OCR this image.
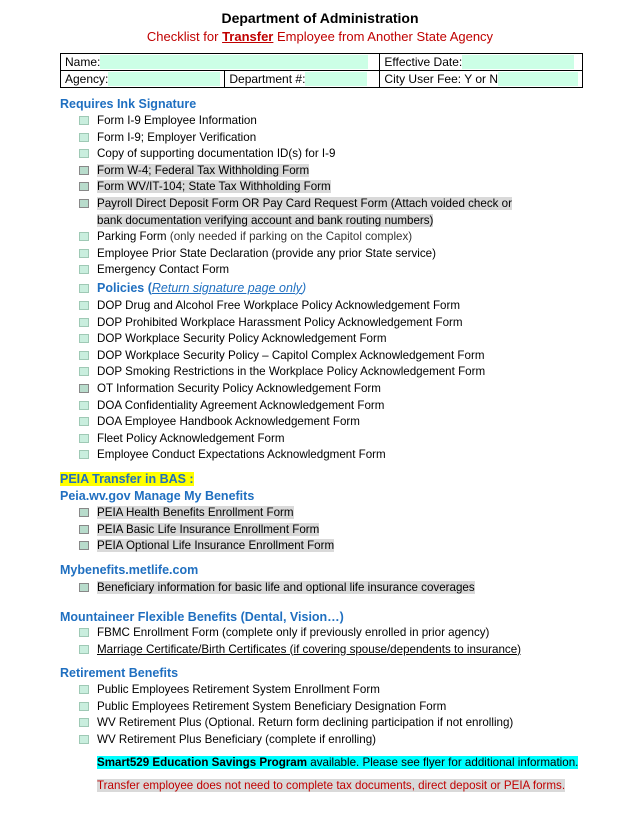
Department of Administration
Checklist for Transfer Employee from Another State Agency
Name:		Effective Date:
Agency:	Department #:	City User Fee: Y or N
Requires Ink Signature
Form I-9 Employee Information
Form I-9; Employer Verification
Copy of supporting documentation ID(s) for I-9
Form W-4; Federal Tax Withholding Form
Form WV/IT-104; State Tax Withholding Form
Payroll Direct Deposit Form OR Pay Card Request Form (Attach voided check or bank documentation verifying account and bank routing numbers)
Parking Form (only needed if parking on the Capitol complex)
Employee Prior State Declaration (provide any prior State service)
Emergency Contact Form
Policies (Return signature page only)
DOP Drug and Alcohol Free Workplace Policy Acknowledgement Form
DOP Prohibited Workplace Harassment Policy Acknowledgement Form
DOP Workplace Security Policy Acknowledgement Form
DOP Workplace Security Policy – Capitol Complex Acknowledgement Form
DOP Smoking Restrictions in the Workplace Policy Acknowledgement Form
OT Information Security Policy Acknowledgement Form
DOA Confidentiality Agreement Acknowledgement Form
DOA Employee Handbook Acknowledgement Form
Fleet Policy Acknowledgement Form
Employee Conduct Expectations Acknowledgment Form
PEIA Transfer in BAS :
Peia.wv.gov Manage My Benefits
PEIA Health Benefits Enrollment Form
PEIA Basic Life Insurance Enrollment Form
PEIA Optional Life Insurance Enrollment Form
Mybenefits.metlife.com
Beneficiary information for basic life and optional life insurance coverages
Mountaineer Flexible Benefits (Dental, Vision…)
FBMC Enrollment Form (complete only if previously enrolled in prior agency)
Marriage Certificate/Birth Certificates (if covering spouse/dependents to insurance)
Retirement Benefits
Public Employees Retirement System Enrollment Form
Public Employees Retirement System Beneficiary Designation Form
WV Retirement Plus (Optional. Return form declining participation if not enrolling)
WV Retirement Plus Beneficiary (complete if enrolling)
Smart529 Education Savings Program available. Please see flyer for additional information.
Transfer employee does not need to complete tax documents, direct deposit or PEIA forms.
